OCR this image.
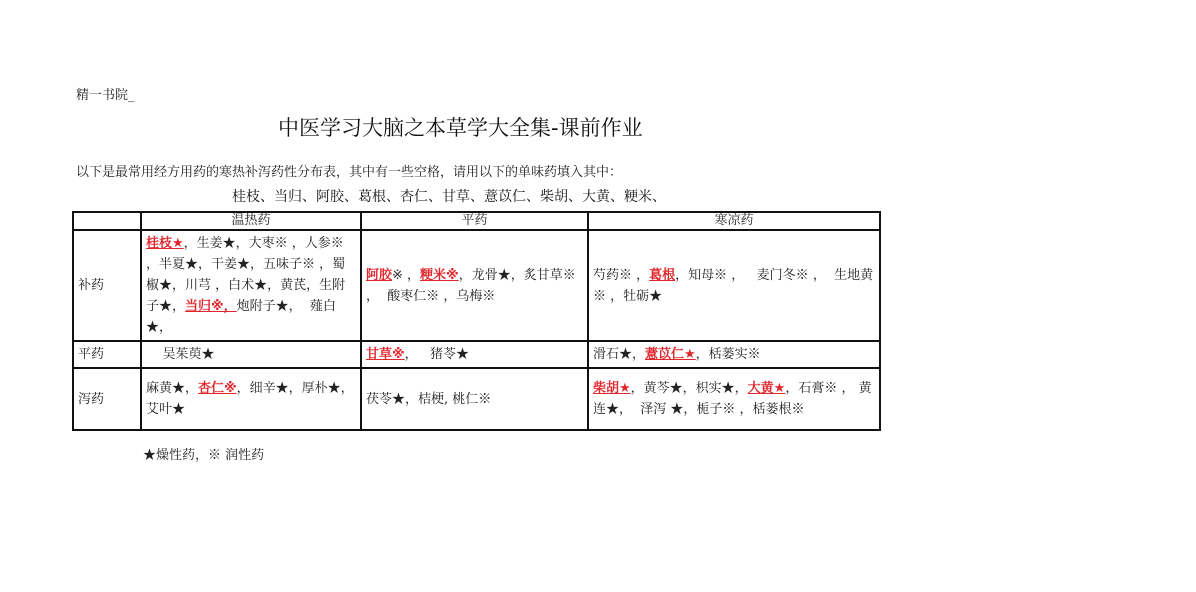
精一书院_
中医学习大脑之本草学大全集-课前作业
以下是最常用经方用药的寒热补泻药性分布表，其中有一些空格，请用以下的单味药填入其中：
桂枝、当归、阿胶、葛根、杏仁、甘草、薏苡仁、柴胡、大黄、粳米、
	温热药	平药	寒凉药
补药	桂枝★，生姜★，大枣※ ，人参※ ，半夏★，干姜★，五味子※ ，蜀椒★，川芎 ，白术★，黄芪，生附子★，当归※，炮附子★，  薤白★，	阿胶※ ，粳米※，龙骨★，炙甘草※ ，  酸枣仁※ ，乌梅※	芍药※ ，葛根，知母※ ，   麦门冬※ ，  生地黄※ ，牡砺★
平药	吴茱萸★	甘草※，   猪苓★	滑石★，薏苡仁★，栝蒌实※
泻药	麻黄★，杏仁※，细辛★，厚朴★，艾叶★	茯苓★，桔梗, 桃仁※	柴胡★，黄芩★，枳实★，大黄★，石膏※ ， 黄连★，  泽泻 ★，栀子※ ，栝蒌根※
★燥性药，※ 润性药
